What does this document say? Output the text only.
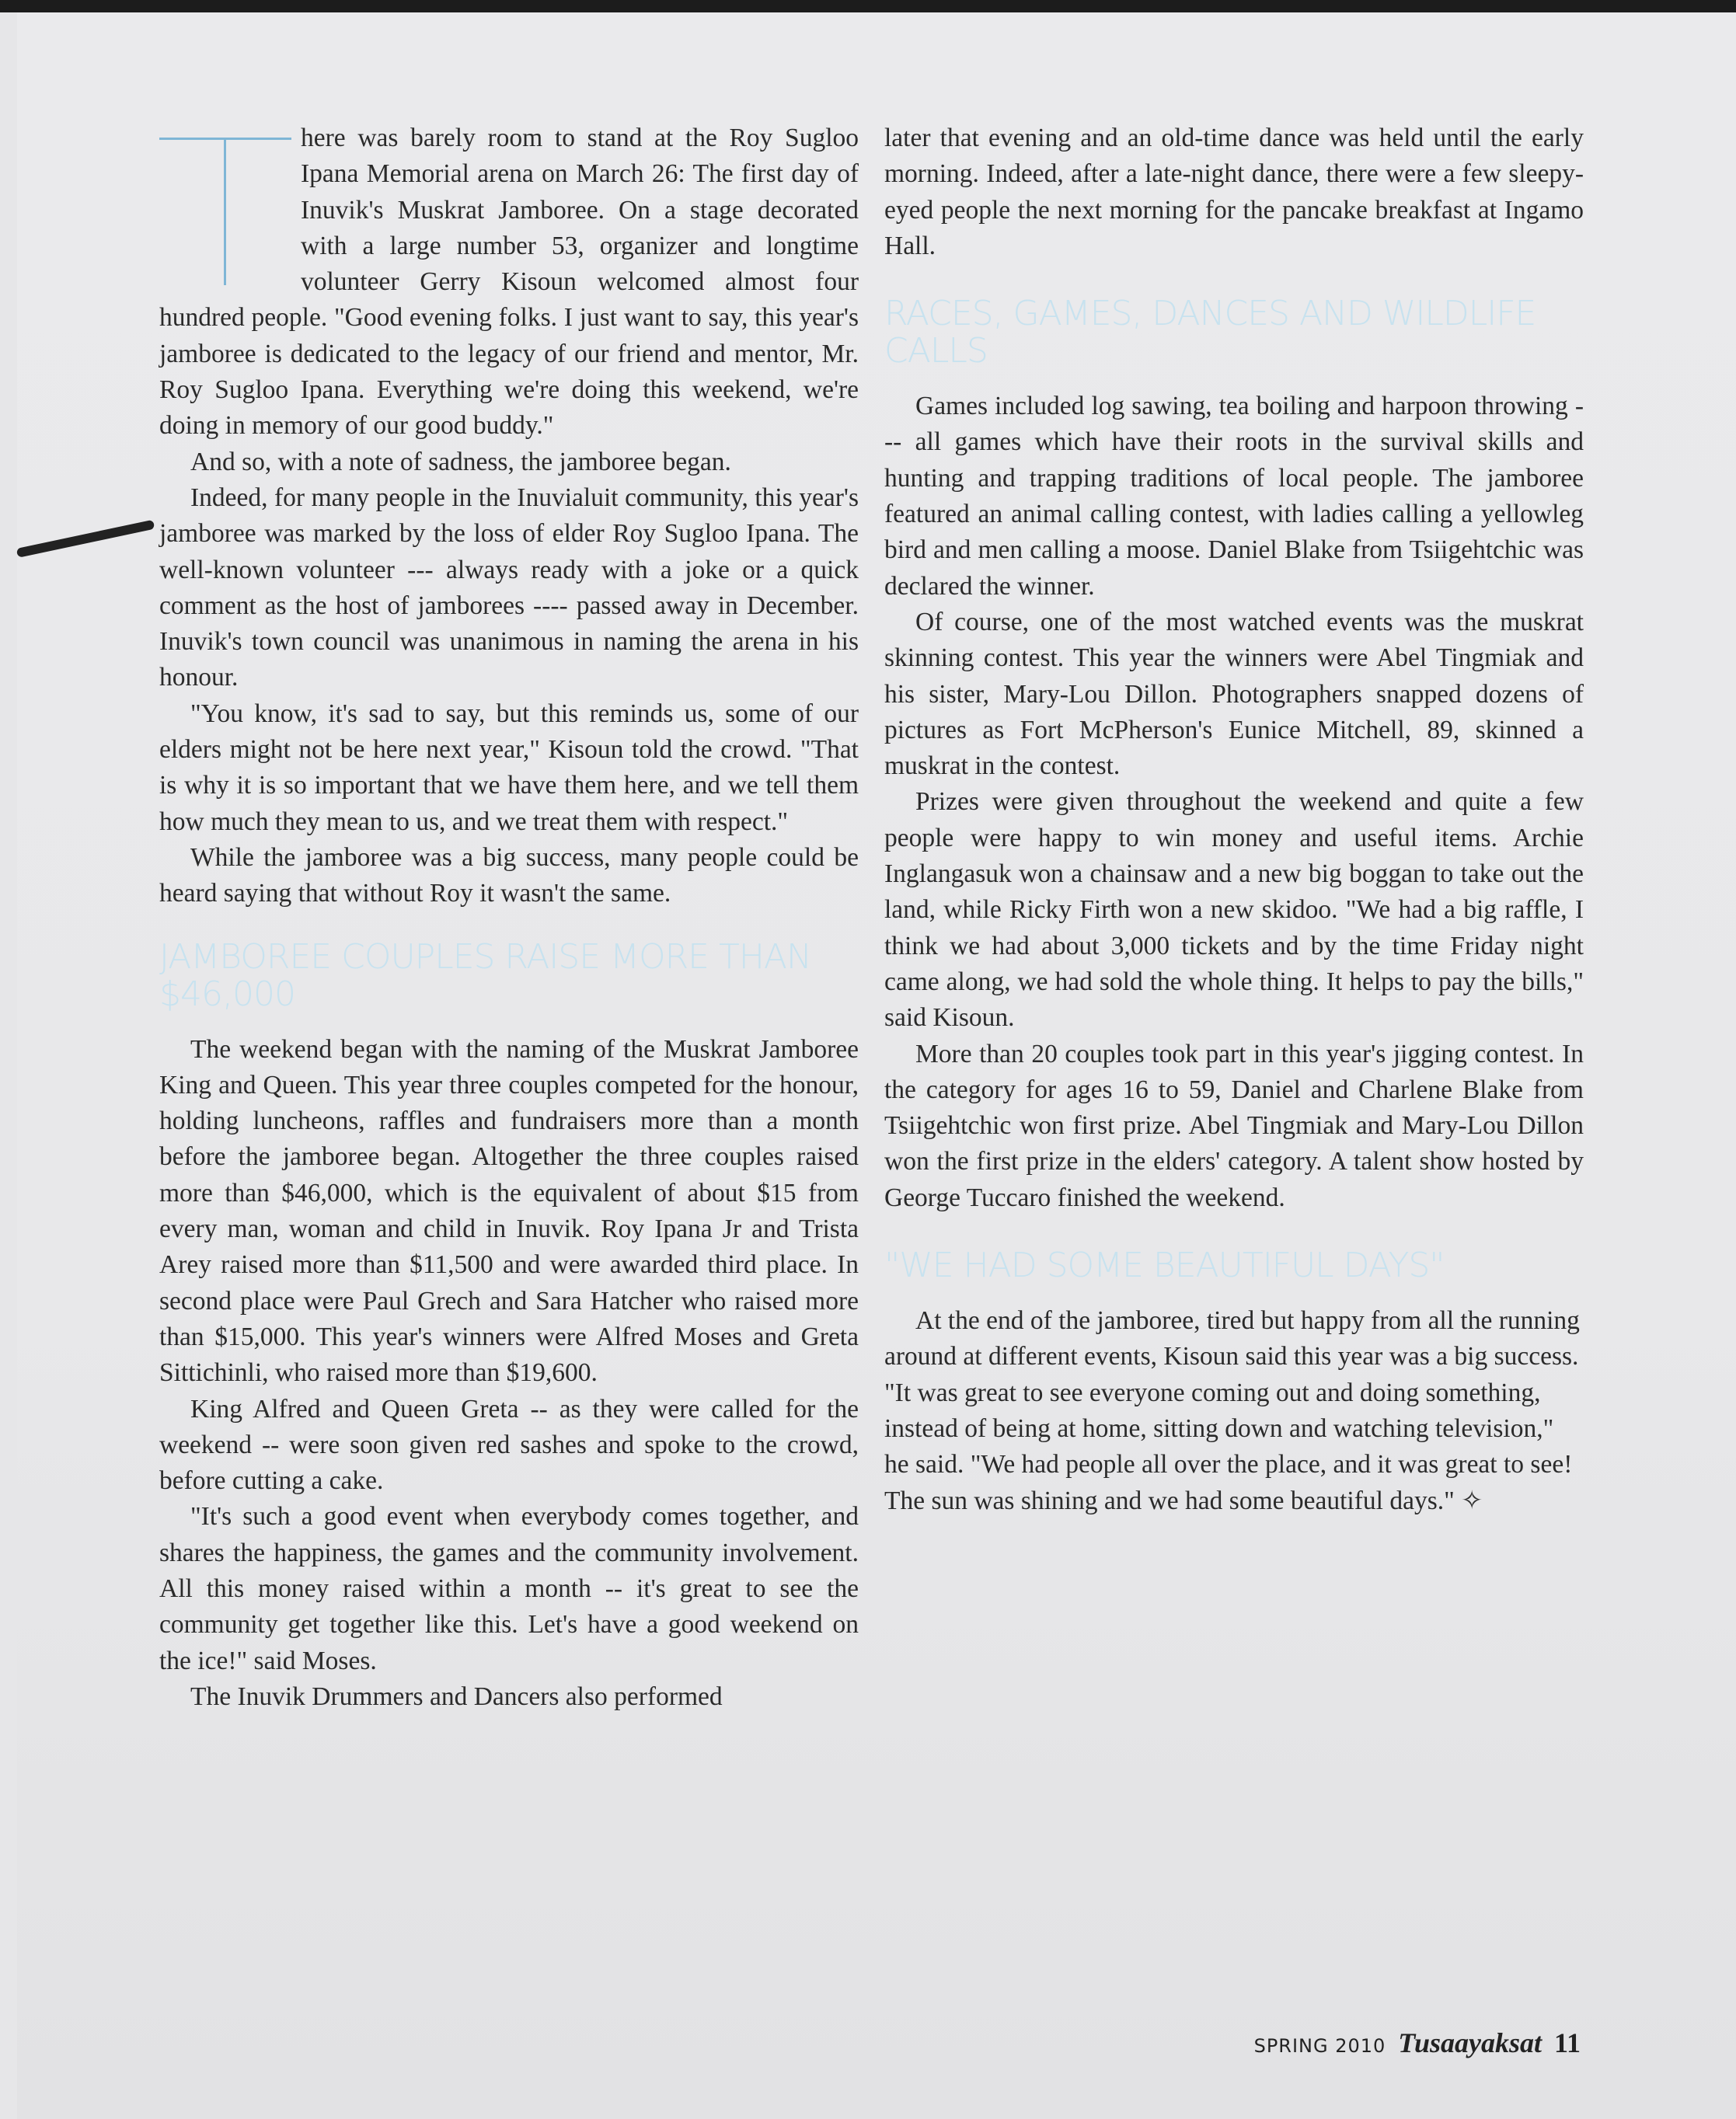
here was barely room to stand at the Roy Sugloo Ipana Memorial arena on March 26: The first day of Inuvik's Muskrat Jamboree. On a stage decorated with a large number 53, organizer and longtime volunteer Gerry Kisoun welcomed almost four hundred people. "Good evening folks. I just want to say, this year's jamboree is dedicated to the legacy of our friend and mentor, Mr. Roy Sugloo Ipana. Everything we're doing this weekend, we're doing in memory of our good buddy."

And so, with a note of sadness, the jamboree began.

Indeed, for many people in the Inuvialuit community, this year's jamboree was marked by the loss of elder Roy Sugloo Ipana. The well-known volunteer --- always ready with a joke or a quick comment as the host of jamborees ---- passed away in December. Inuvik's town council was unanimous in naming the arena in his honour.

"You know, it's sad to say, but this reminds us, some of our elders might not be here next year," Kisoun told the crowd. "That is why it is so important that we have them here, and we tell them how much they mean to us, and we treat them with respect."

While the jamboree was a big success, many people could be heard saying that without Roy it wasn't the same.

JAMBOREE COUPLES RAISE MORE THAN $46,000

The weekend began with the naming of the Muskrat Jamboree King and Queen. This year three couples competed for the honour, holding luncheons, raffles and fundraisers more than a month before the jamboree began. Altogether the three couples raised more than $46,000, which is the equivalent of about $15 from every man, woman and child in Inuvik. Roy Ipana Jr and Trista Arey raised more than $11,500 and were awarded third place. In second place were Paul Grech and Sara Hatcher who raised more than $15,000. This year's winners were Alfred Moses and Greta Sittichinli, who raised more than $19,600.

King Alfred and Queen Greta -- as they were called for the weekend -- were soon given red sashes and spoke to the crowd, before cutting a cake.

"It's such a good event when everybody comes together, and shares the happiness, the games and the community involvement. All this money raised within a month -- it's great to see the community get together like this. Let's have a good weekend on the ice!" said Moses.

The Inuvik Drummers and Dancers also performed

later that evening and an old-time dance was held until the early morning. Indeed, after a late-night dance, there were a few sleepy-eyed people the next morning for the pancake breakfast at Ingamo Hall.

RACES, GAMES, DANCES AND WILDLIFE CALLS

Games included log sawing, tea boiling and harpoon throwing --- all games which have their roots in the survival skills and hunting and trapping traditions of local people. The jamboree featured an animal calling contest, with ladies calling a yellowleg bird and men calling a moose. Daniel Blake from Tsiigehtchic was declared the winner.

Of course, one of the most watched events was the muskrat skinning contest. This year the winners were Abel Tingmiak and his sister, Mary-Lou Dillon. Photographers snapped dozens of pictures as Fort McPherson's Eunice Mitchell, 89, skinned a muskrat in the contest.

Prizes were given throughout the weekend and quite a few people were happy to win money and useful items. Archie Inglangasuk won a chainsaw and a new big boggan to take out the land, while Ricky Firth won a new skidoo. "We had a big raffle, I think we had about 3,000 tickets and by the time Friday night came along, we had sold the whole thing. It helps to pay the bills," said Kisoun.

More than 20 couples took part in this year's jigging contest. In the category for ages 16 to 59, Daniel and Charlene Blake from Tsiigehtchic won first prize. Abel Tingmiak and Mary-Lou Dillon won the first prize in the elders' category. A talent show hosted by George Tuccaro finished the weekend.

"WE HAD SOME BEAUTIFUL DAYS"

At the end of the jamboree, tired but happy from all the running around at different events, Kisoun said this year was a big success. "It was great to see everyone coming out and doing something, instead of being at home, sitting down and watching television," he said. "We had people all over the place, and it was great to see! The sun was shining and we had some beautiful days." ✧

SPRING 2010 Tusaayaksat 11
